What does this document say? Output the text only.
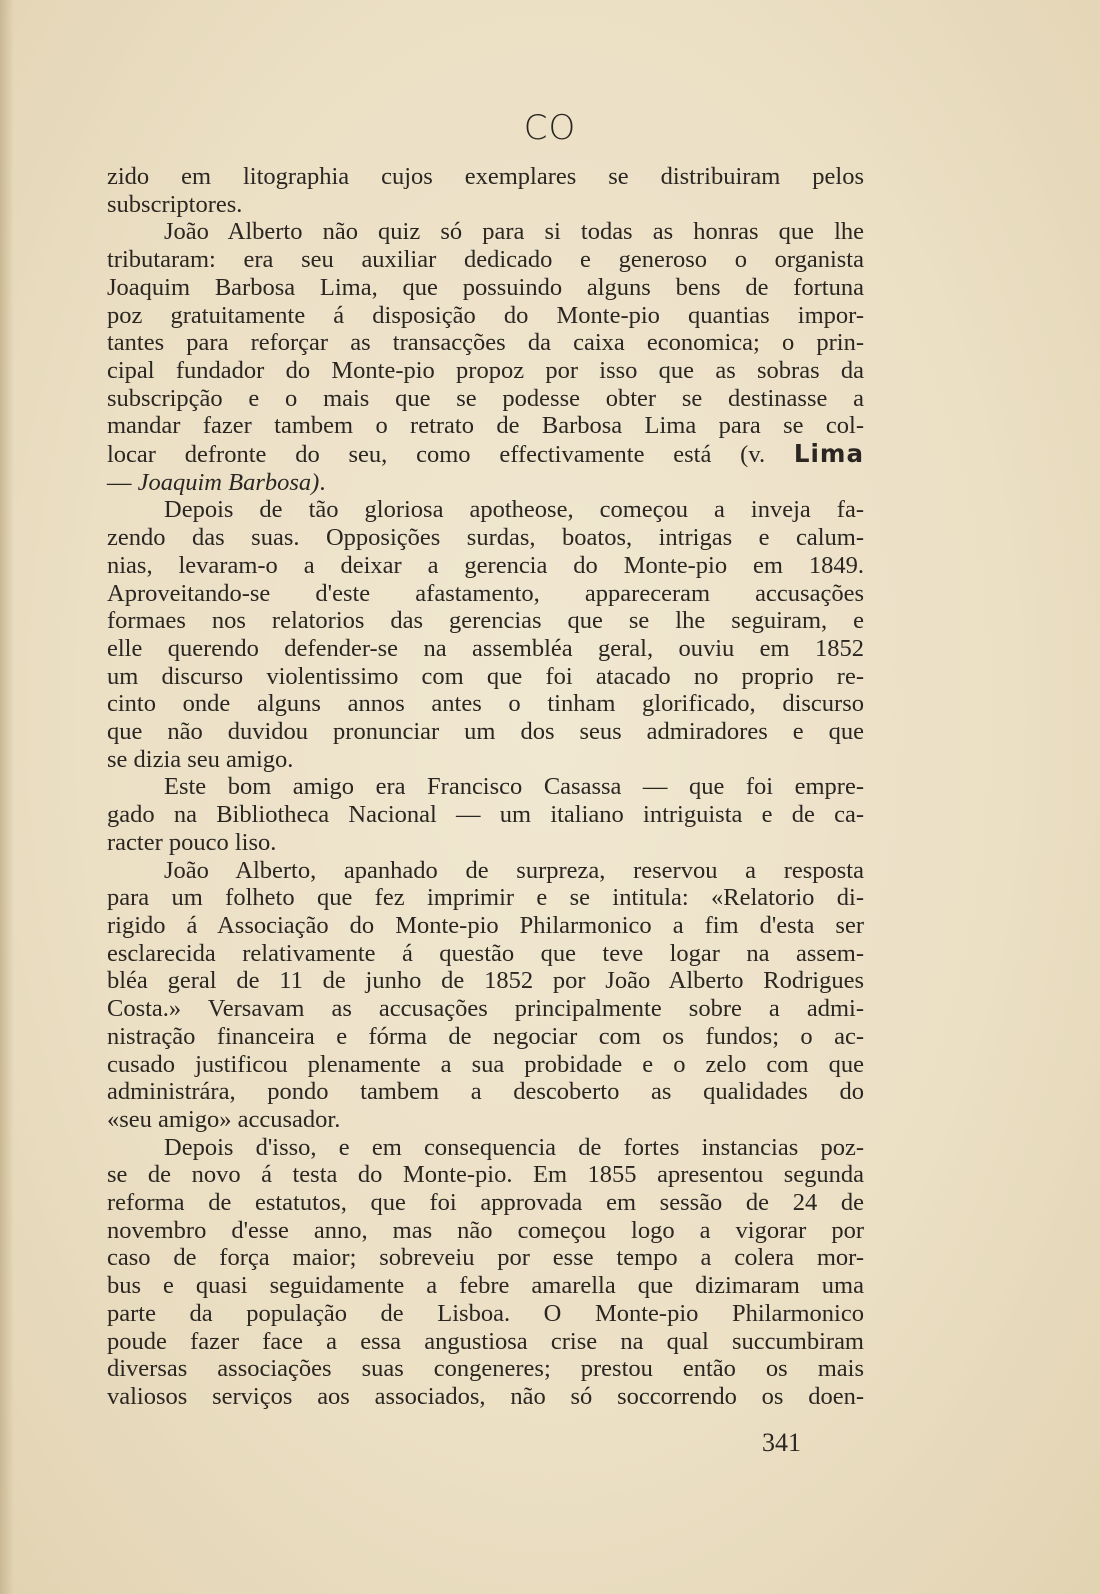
CO

zido em litographia cujos exemplares se distribuiram pelos

subscriptores.

João Alberto não quiz só para si todas as honras que lhe

tributaram: era seu auxiliar dedicado e generoso o organista

Joaquim Barbosa Lima, que possuindo alguns bens de fortuna

poz gratuitamente á disposição do Monte-pio quantias impor-

tantes para reforçar as transacções da caixa economica; o prin-

cipal fundador do Monte-pio propoz por isso que as sobras da

subscripção e o mais que se podesse obter se destinasse a

mandar fazer tambem o retrato de Barbosa Lima para se col-

locar defronte do seu, como effectivamente está (v. Lima

— Joaquim Barbosa).

Depois de tão gloriosa apotheose, começou a inveja fa-

zendo das suas. Opposições surdas, boatos, intrigas e calum-

nias, levaram-o a deixar a gerencia do Monte-pio em 1849.

Aproveitando-se d'este afastamento, appareceram accusações

formaes nos relatorios das gerencias que se lhe seguiram, e

elle querendo defender-se na assembléa geral, ouviu em 1852

um discurso violentissimo com que foi atacado no proprio re-

cinto onde alguns annos antes o tinham glorificado, discurso

que não duvidou pronunciar um dos seus admiradores e que

se dizia seu amigo.

Este bom amigo era Francisco Casassa — que foi empre-

gado na Bibliotheca Nacional — um italiano intriguista e de ca-

racter pouco liso.

João Alberto, apanhado de surpreza, reservou a resposta

para um folheto que fez imprimir e se intitula: «Relatorio di-

rigido á Associação do Monte-pio Philarmonico a fim d'esta ser

esclarecida relativamente á questão que teve logar na assem-

bléa geral de 11 de junho de 1852 por João Alberto Rodrigues

Costa.» Versavam as accusações principalmente sobre a admi-

nistração financeira e fórma de negociar com os fundos; o ac-

cusado justificou plenamente a sua probidade e o zelo com que

administrára, pondo tambem a descoberto as qualidades do

«seu amigo» accusador.

Depois d'isso, e em consequencia de fortes instancias poz-

se de novo á testa do Monte-pio. Em 1855 apresentou segunda

reforma de estatutos, que foi approvada em sessão de 24 de

novembro d'esse anno, mas não começou logo a vigorar por

caso de força maior; sobreveiu por esse tempo a colera mor-

bus e quasi seguidamente a febre amarella que dizimaram uma

parte da população de Lisboa. O Monte-pio Philarmonico

poude fazer face a essa angustiosa crise na qual succumbiram

diversas associações suas congeneres; prestou então os mais

valiosos serviços aos associados, não só soccorrendo os doen-

341
